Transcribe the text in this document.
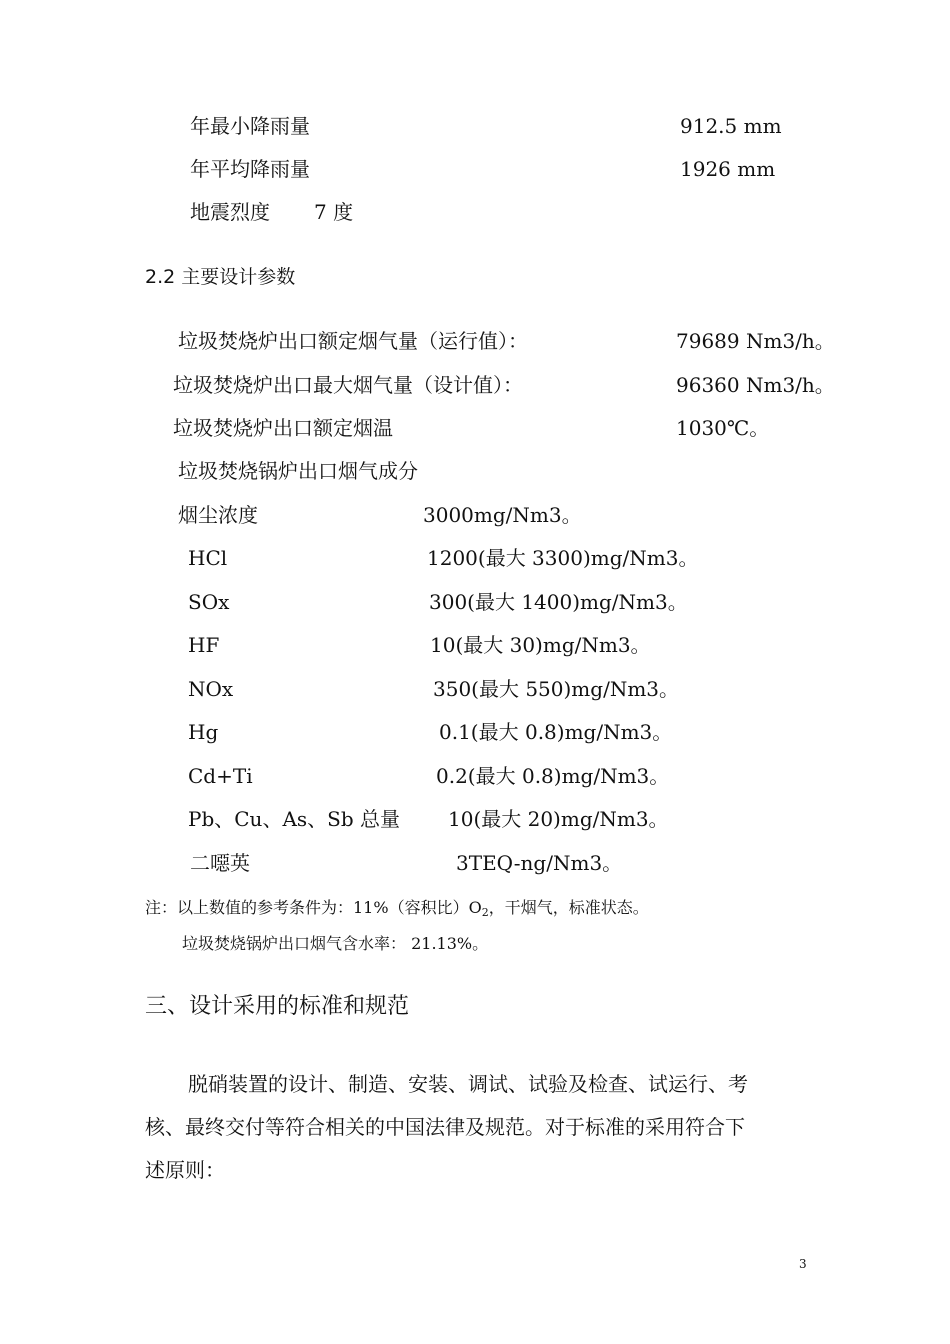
年最小降雨量	912.5 mm
年平均降雨量	1926 mm
地震烈度 7 度
2.2 主要设计参数
垃圾焚烧炉出口额定烟气量（运行值）：	79689 Nm3/h。
垃圾焚烧炉出口最大烟气量（设计值）：	96360 Nm3/h。
垃圾焚烧炉出口额定烟温	1030℃。
垃圾焚烧锅炉出口烟气成分
烟尘浓度	3000mg/Nm3。
HCl	1200(最大 3300)mg/Nm3。
SOx	300(最大 1400)mg/Nm3。
HF	10(最大 30)mg/Nm3。
NOx	350(最大 550)mg/Nm3。
Hg	0.1(最大 0.8)mg/Nm3。
Cd+Ti	0.2(最大 0.8)mg/Nm3。
Pb、Cu、As、Sb 总量 10(最大 20)mg/Nm3。
二噁英	3TEQ-ng/Nm3。
注：以上数值的参考条件为：11%（容积比）$O_2$，干烟气，标准状态。
垃圾焚烧锅炉出口烟气含水率： 21.13%。
三、设计采用的标准和规范
脱硝装置的设计、制造、安装、调试、试验及检查、试运行、考
核、最终交付等符合相关的中国法律及规范。对于标准的采用符合下
述原则：
3
